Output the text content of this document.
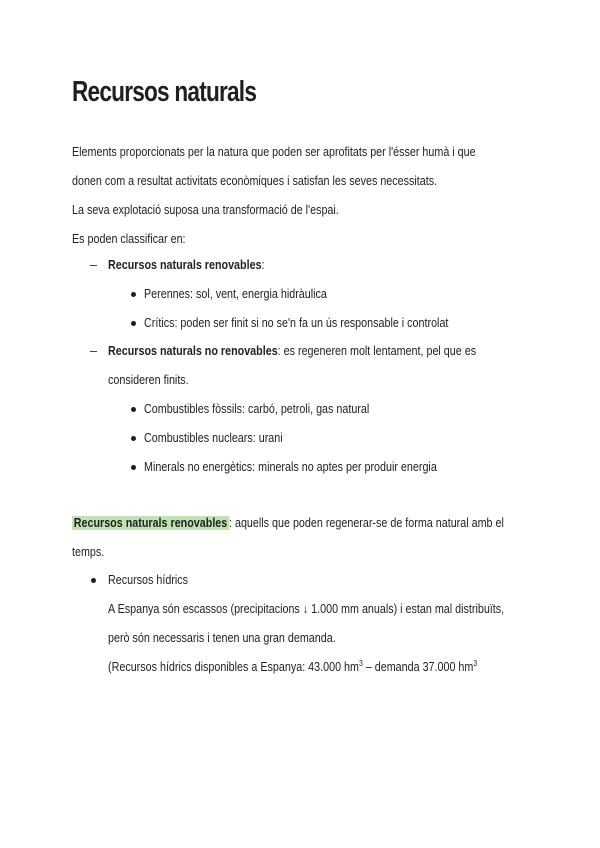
Recursos naturals
Elements proporcionats per la natura que poden ser aprofitats per l'ésser humà i que
donen com a resultat activitats econòmiques i satisfan les seves necessitats.
La seva explotació suposa una transformació de l'espai.
Es poden classificar en:
– Recursos naturals renovables:
Perennes: sol, vent, energia hidràulica
Crítics: poden ser finit si no se'n fa un ús responsable i controlat
– Recursos naturals no renovables: es regeneren molt lentament, pel que es
consideren finits.
Combustibles fòssils: carbó, petroli, gas natural
Combustibles nuclears: urani
Minerals no energètics: minerals no aptes per produir energia
Recursos naturals renovables : aquells que poden regenerar-se de forma natural amb el
temps.
Recursos hídrics
A Espanya són escassos (precipitacions ↓ 1.000 mm anuals) i estan mal distribuïts,
però són necessaris i tenen una gran demanda.
(Recursos hídrics disponibles a Espanya: 43.000 $hm^3$ – demanda 37.000 $hm^3$
